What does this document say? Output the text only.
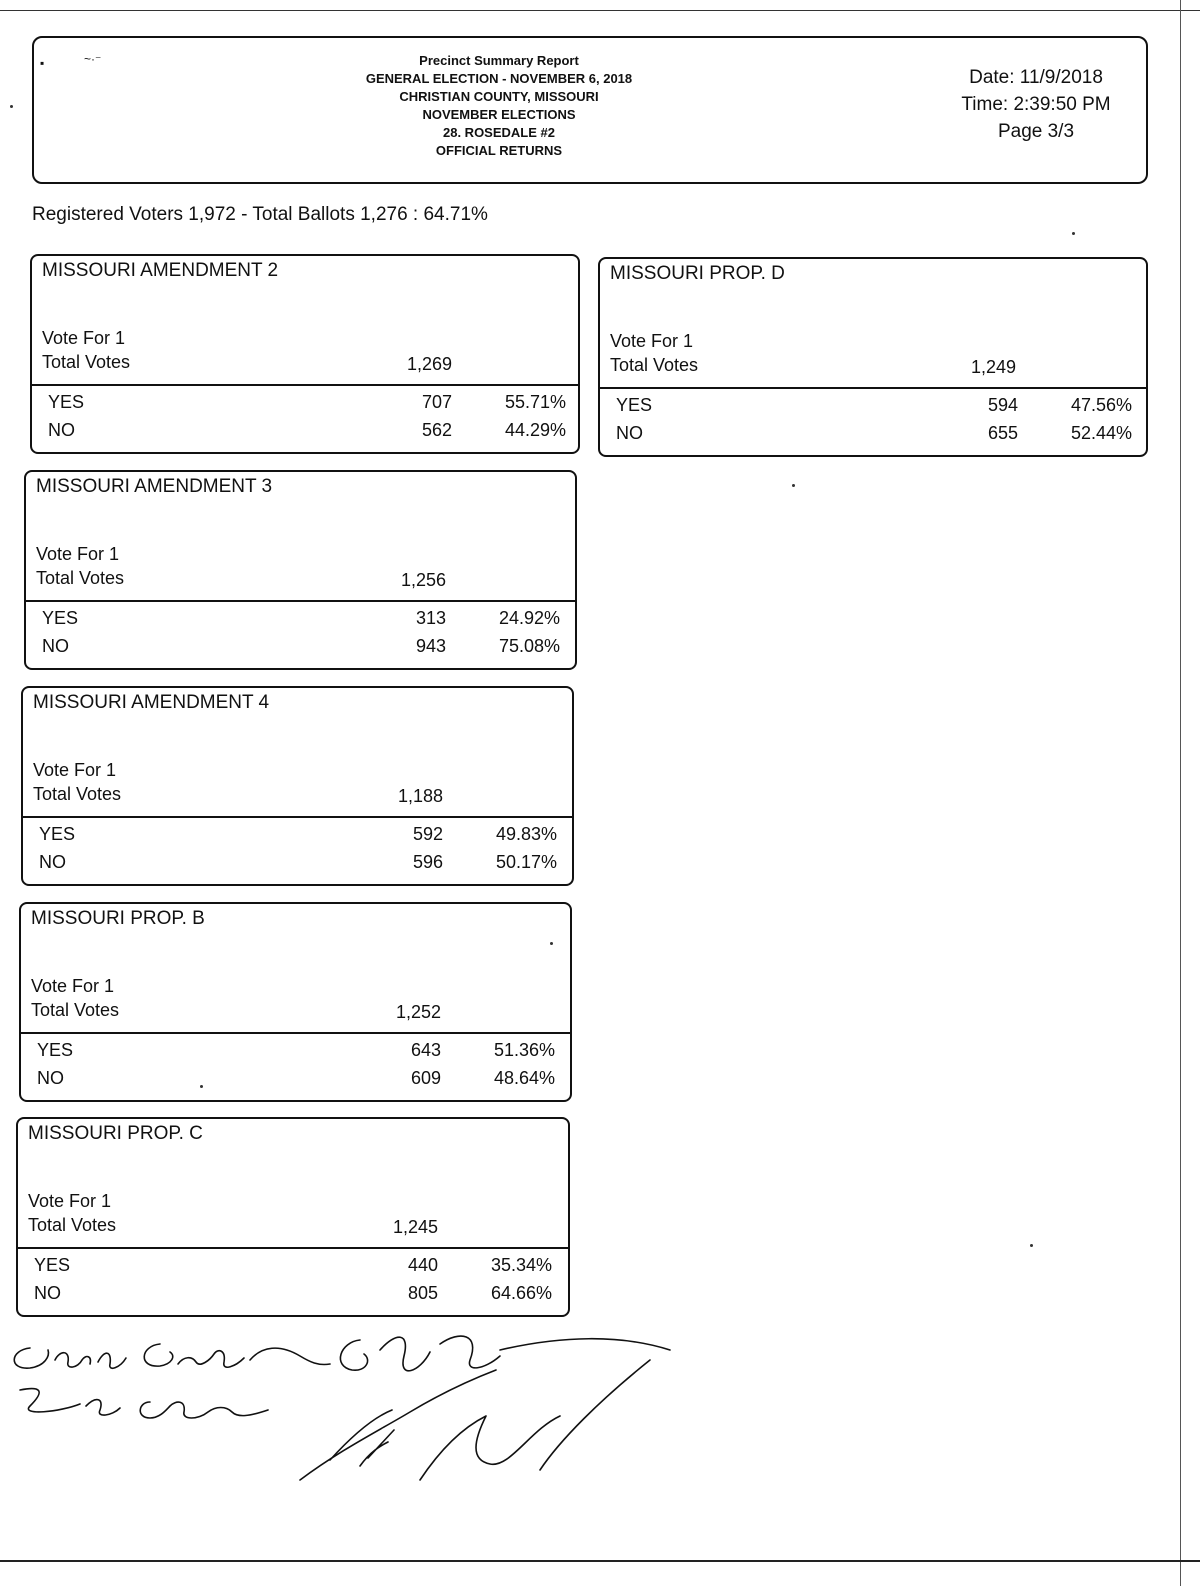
▪	~·⁻	Precinct Summary Report
GENERAL ELECTION - NOVEMBER 6, 2018
CHRISTIAN COUNTY, MISSOURI
NOVEMBER ELECTIONS
28. ROSEDALE #2
OFFICIAL RETURNS
Date: 11/9/2018
Time: 2:39:50 PM
Page 3/3
Registered Voters 1,972 - Total Ballots 1,276 : 64.71%
MISSOURI AMENDMENT 2
Vote For 1
Total Votes	1,269
YES	707	55.71%
NO	562	44.29%
MISSOURI PROP. D
Vote For 1
Total Votes	1,249
YES	594	47.56%
NO	655	52.44%
MISSOURI AMENDMENT 3
Vote For 1
Total Votes	1,256
YES	313	24.92%
NO	943	75.08%
MISSOURI AMENDMENT 4
Vote For 1
Total Votes	1,188
YES	592	49.83%
NO	596	50.17%
MISSOURI PROP. B
Vote For 1
Total Votes	1,252
YES	643	51.36%
NO	609	48.64%
MISSOURI PROP. C
Vote For 1
Total Votes	1,245
YES	440	35.34%
NO	805	64.66%
